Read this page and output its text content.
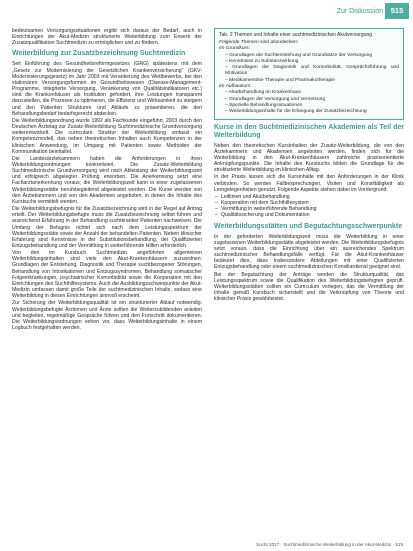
Zur Diskussion	515

bedeutsamen Versorgungssituationen ergibt sich daraus der Bedarf, auch in Einrichtungen der Akut-Medizin strukturierte Weiterbildung zum Erwerb der Zusatzqualifikation Suchtmedizin zu ermöglichen und zu fördern.

Weiterbildung zur Zusatzbezeichnung Suchtmedizin

Seit Einführung des Gesundheitsreformgesetzes (GRG) spätestens mit dem „Gesetz zur Modernisierung der Gesetzlichen Krankenversicherung“ (GKV-Modernisierungsgesetz) im Jahr 2003 mit Verankerung des Wettbewerbs, bei den stationären Versorgungsformen im Gesundheitswesen (Disease-Management-Programme, integrierte Versorgung, Verankerung von Qualitätsindikatoren etc.) sind die Krankenhäuser als Institution gefordert, ihre Leistungen transparent darzustellen, die Prozesse zu optimieren, die Effizienz und Wirksamkeit zu steigern und den Patienten Strukturen und Abläufe zu präsentieren, die den Behandlungsbedarf bedarfsgerecht abdecken.

Die Weiterbildungsordnung wurde 1992 als Fachkunde eingeführt, 2003 durch den Deutschen Ärztetag zur Zusatz-Weiterbildung Suchtmedizinische Grundversorgung weiterentwickelt. Die curriculare Struktur der Weiterbildung umfasst ein Kompetenzmodell, das neben theoretischen Inhalten auch Kompetenzen in der klinischen Anwendung, im Umgang mit Patienten sowie Methoden der Kommunikation beinhaltet.

Die Landesärztekammern haben die Anforderungen in ihren Weiterbildungsordnungen konkretisiert. Die Zusatz-Weiterbildung Suchtmedizinische Grundversorgung wird nach Ableistung der Weiterbildungszeit und erfolgreich abgelegter Prüfung erworben. Die Anerkennung setzt eine Facharztanerkennung voraus; die Weiterbildungszeit kann in einer zugelassenen Weiterbildungsstätte berufsbegleitend abgeleistet werden. Die Kurse werden von den Ärztekammern und von den Akademien angeboten, in denen die Inhalte des Kursbuchs vermittelt werden.

Die Weiterbildungsbefugnis für die Zusatzbezeichnung wird in der Regel auf Antrag erteilt. Der Weiterbildungsbefugte muss die Zusatzbezeichnung selbst führen und ausreichend Erfahrung in der Behandlung suchtkranker Patienten nachweisen. Der Umfang der Befugnis richtet sich nach dem Leistungsspektrum der Weiterbildungsstätte sowie der Anzahl der behandelten Patienten. Neben klinischer Erfahrung sind Kenntnisse in der Substitutionsbehandlung, der Qualifizierten Entzugsbehandlung und der Vermittlung in weiterführende Hilfen erforderlich.

Von den im Kursbuch Suchtmedizin angeführten allgemeinen Weiterbildungsinhalten sind viele den Akut-Krankenhäusern zuzuordnen: Grundlagen der Entstehung, Diagnostik und Therapie suchtbezogener Störungen, Behandlung von Intoxikationen und Entzugssyndromen, Behandlung somatischer Folgeerkrankungen, psychiatrischer Komorbidität sowie die Kooperation mit den Einrichtungen des Suchthilfesystems. Auch die Ausbildungsschwerpunkte der Akut-Medizin umfassen damit große Teile der suchtmedizinischen Inhalte, sodass eine Weiterbildung in diesen Einrichtungen sinnvoll erscheint.

Zur Sicherung der Weiterbildungsqualität ist ein strukturierter Ablauf notwendig. Weiterbildungsbefugte Ärztinnen und Ärzte sollten die Weiterzubildenden anleiten und begleiten, regelmäßige Gespräche führen und den Fortschritt dokumentieren. Die Weiterbildungsordnungen sehen vor, dass Weiterbildungsinhalte in einem Logbuch festgehalten werden.

Tab. 2 Themen und Inhalte einer suchtmedizinischen Akutversorgung
Folgende Themen sind abzudecken:
Im Grundkurs:
– Grundlagen der Suchtentstehung und Grundsätze der Versorgung
– Kenntnisse zu Substanzwirkung
– Grundlagen der Diagnostik und Komorbidität, Gesprächsführung und Motivation
– Medikamentöse Therapie und Pharmakotherapie
Im Aufbaukurs:
– Akutbehandlung im Krankenhaus
– Grundlagen der Versorgung und Vernetzung
– Spezielle Behandlungssituationen
– Weiterbildungsinhalte für die Erlangung der Zusatzbezeichnung
Kurse in den Suchtmedizinischen Akademien als Teil der Weiterbildung

Neben den theoretischen Kursinhalten der Zusatz-Weiterbildung, die von den Ärztekammern und Akademien angeboten werden, finden sich für die Weiterbildung in den Akut-Krankenhäusern zahlreiche praxisorientierte Anknüpfungspunkte. Die Inhalte des Kursbuchs bilden die Grundlage für die strukturierte Weiterbildung im klinischen Alltag.

In der Praxis lassen sich die Kursinhalte mit den Anforderungen in der Klinik verbinden. So werden Fallbesprechungen, Visiten und Konsiltätigkeit als Lerngelegenheiten genutzt. Folgende Aspekte stehen dabei im Vordergrund:

– Leitlinien und Akutbehandlung
– Kooperation mit dem Suchthilfesystem
– Vermittlung in weiterführende Behandlung
– Qualitätssicherung und Dokumentation
Weiterbildungsstätten und Begutachtungsschwerpunkte

In der geforderten Weiterbildungszeit muss die Weiterbildung in einer zugelassenen Weiterbildungsstätte abgeleistet werden. Die Weiterbildungsbefugnis setzt voraus, dass die Einrichtung über ein ausreichendes Spektrum suchtmedizinischer Behandlungsfälle verfügt. Für die Akut-Krankenhäuser bedeutet dies, dass insbesondere Abteilungen mit einer Qualifizierten Entzugsbehandlung oder einem suchtmedizinischen Konsiliardienst geeignet sind.

Bei der Begutachtung der Anträge werden die Strukturqualität, das Leistungsspektrum sowie die Qualifikation des Weiterbildungsbefugten geprüft. Weiterbildungsstätten sollten ein Curriculum vorlegen, das die Vermittlung der Inhalte gemäß Kursbuch sicherstellt und die Verknüpfung von Theorie und klinischer Praxis gewährleistet.

Sucht 2017 · Suchtmedizinische Weiterbildung in der Akut-Medizin · 515
